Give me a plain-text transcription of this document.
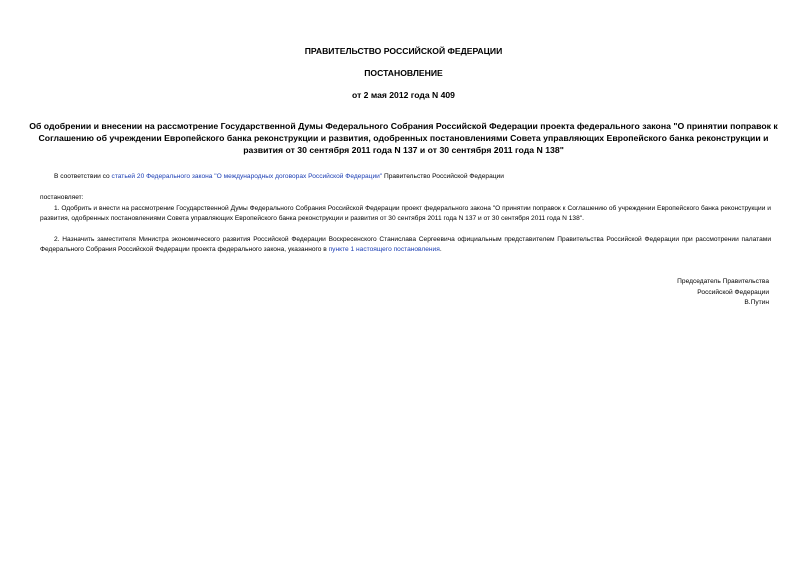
ПРАВИТЕЛЬСТВО РОССИЙСКОЙ ФЕДЕРАЦИИ
ПОСТАНОВЛЕНИЕ
от 2 мая 2012 года N 409
Об одобрении и внесении на рассмотрение Государственной Думы Федерального Собрания Российской Федерации проекта федерального закона "О принятии поправок к Соглашению об учреждении Европейского банка реконструкции и развития, одобренных постановлениями Совета управляющих Европейского банка реконструкции и развития от 30 сентября 2011 года N 137 и от 30 сентября 2011 года N 138"
В соответствии со статьей 20 Федерального закона "О международных договорах Российской Федерации" Правительство Российской Федерации
постановляет:
1. Одобрить и внести на рассмотрение Государственной Думы Федерального Собрания Российской Федерации проект федерального закона "О принятии поправок к Соглашению об учреждении Европейского банка реконструкции и развития, одобренных постановлениями Совета управляющих Европейского банка реконструкции и развития от 30 сентября 2011 года N 137 и от 30 сентября 2011 года N 138".
2. Назначить заместителя Министра экономического развития Российской Федерации Воскресенского Станислава Сергеевича официальным представителем Правительства Российской Федерации при рассмотрении палатами Федерального Собрания Российской Федерации проекта федерального закона, указанного в пункте 1 настоящего постановления.
Председатель Правительства
Российской Федерации
В.Путин
